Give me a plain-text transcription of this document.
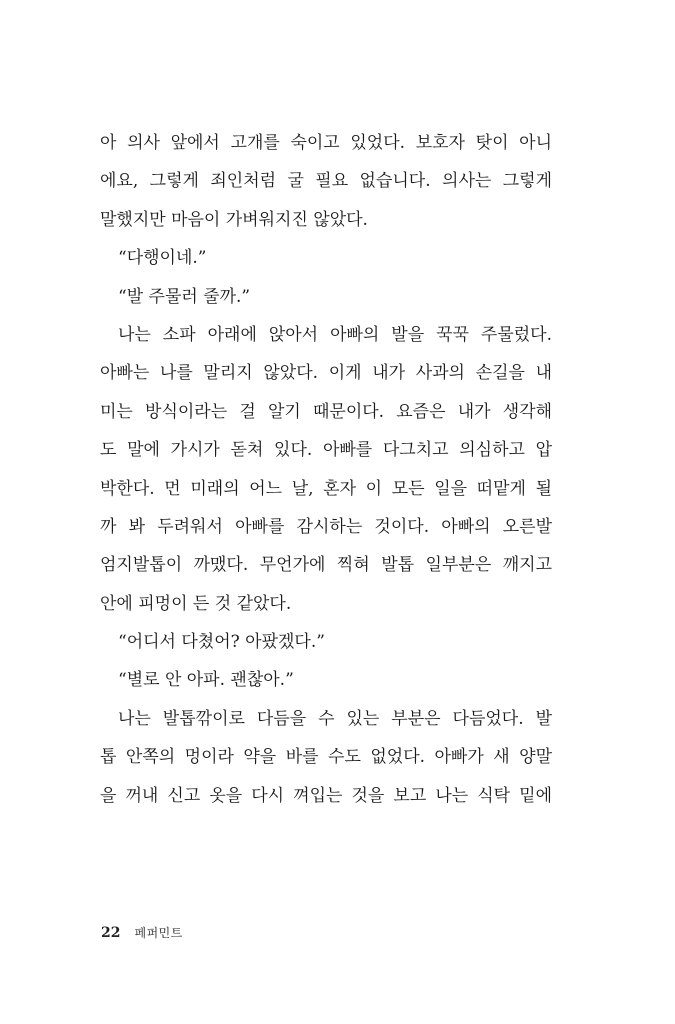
아 의사 앞에서 고개를 숙이고 있었다. 보호자 탓이 아니
에요, 그렇게 죄인처럼 굴 필요 없습니다. 의사는 그렇게
말했지만 마음이 가벼워지진 않았다.
“다행이네.”
“발 주물러 줄까.”
나는 소파 아래에 앉아서 아빠의 발을 꾹꾹 주물렀다.
아빠는 나를 말리지 않았다. 이게 내가 사과의 손길을 내
미는 방식이라는 걸 알기 때문이다. 요즘은 내가 생각해
도 말에 가시가 돋쳐 있다. 아빠를 다그치고 의심하고 압
박한다. 먼 미래의 어느 날, 혼자 이 모든 일을 떠맡게 될
까 봐 두려워서 아빠를 감시하는 것이다. 아빠의 오른발
엄지발톱이 까맸다. 무언가에 찍혀 발톱 일부분은 깨지고
안에 피멍이 든 것 같았다.
“어디서 다쳤어? 아팠겠다.”
“별로 안 아파. 괜찮아.”
나는 발톱깎이로 다듬을 수 있는 부분은 다듬었다. 발
톱 안쪽의 멍이라 약을 바를 수도 없었다. 아빠가 새 양말
을 꺼내 신고 옷을 다시 껴입는 것을 보고 나는 식탁 밑에
22 페퍼민트
